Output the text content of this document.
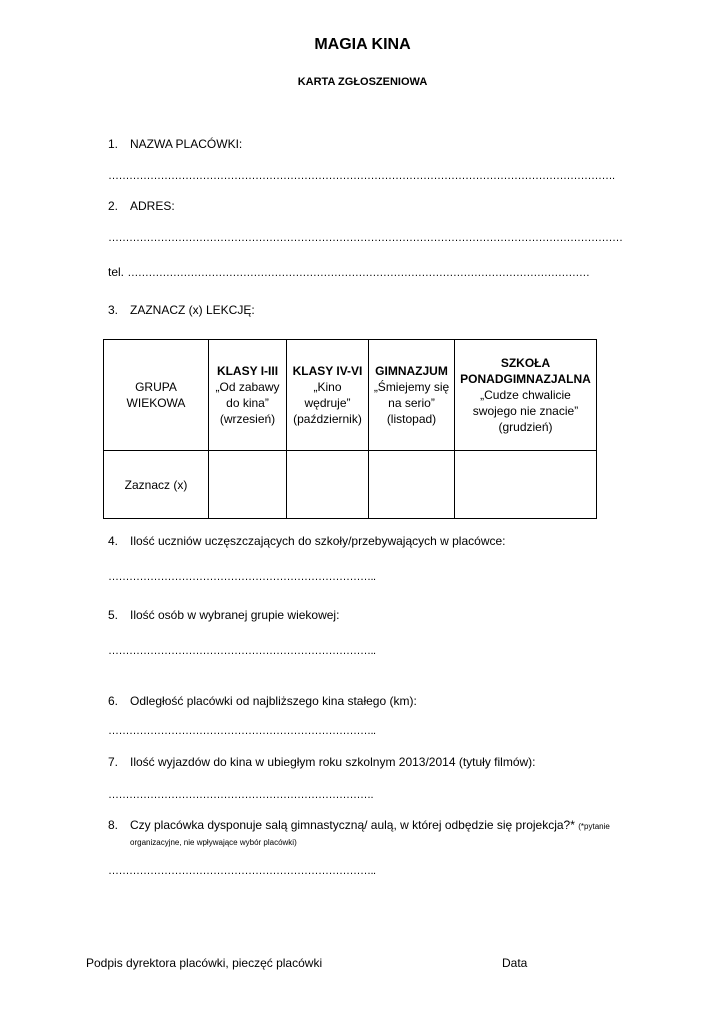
MAGIA KINA
KARTA ZGŁOSZENIOWA
1. NAZWA PLACÓWKI:
……………………………………………………………………………………………………………………………….
2. ADRES:
…………………………………………………………………………………………………………………………………
tel. ……………………………………………………………………………………………………………………
3. ZAZNACZ (x) LEKCJĘ:
GRUPA WIEKOWA	KLASY I-III
„Od zabawy do kina”
(wrzesień)	KLASY IV-VI
„Kino wędruje”
(październik)	GIMNAZJUM
„Śmiejemy się na serio”
(listopad)	SZKOŁA PONADGIMNAZJALNA
„Cudze chwalicie swojego nie znacie”
(grudzień)
Zaznacz (x)				
4. Ilość uczniów uczęszczających do szkoły/przebywających w placówce:
…………………………………………………………………..
5. Ilość osób w wybranej grupie wiekowej:
…………………………………………………………………..
6. Odległość placówki od najbliższego kina stałego (km):
…………………………………………………………………..
7. Ilość wyjazdów do kina w ubiegłym roku szkolnym 2013/2014 (tytuły filmów):
………………………………………………………………….
8. Czy placówka dysponuje salą gimnastyczną/ aulą, w której odbędzie się projekcja?* (*pytanie
organizacyjne, nie wpływające wybór placówki)
…………………………………………………………………..
Podpis dyrektora placówki, pieczęć placówki	Data
